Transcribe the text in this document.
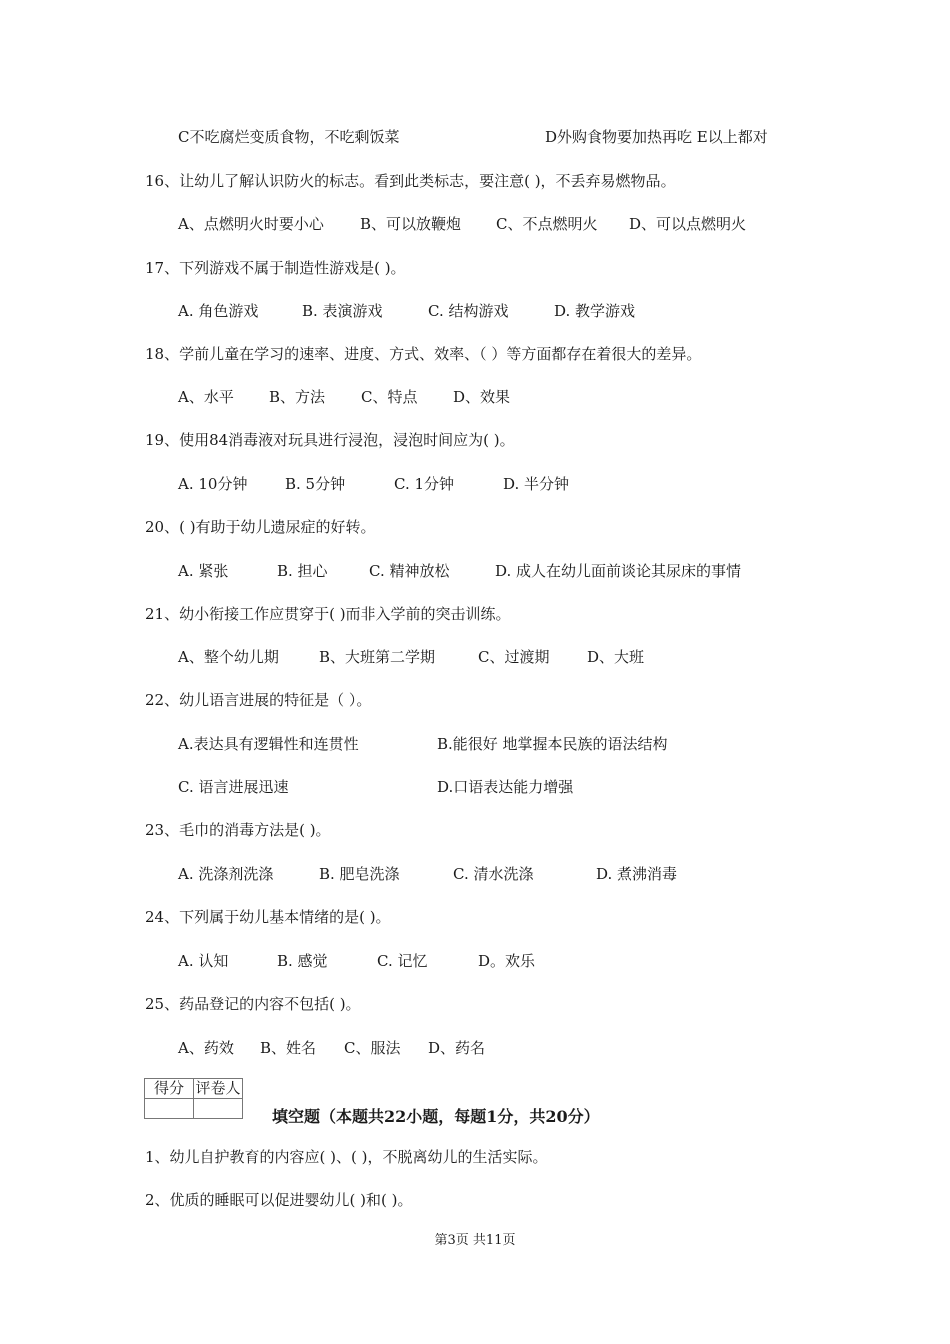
C不吃腐烂变质食物，不吃剩饭菜	D外购食物要加热再吃 E以上都对
16、让幼儿了解认识防火的标志。看到此类标志，要注意( )，不丢弃易燃物品。
A、点燃明火时要小心 B、可以放鞭炮 C、不点燃明火 D、可以点燃明火
17、下列游戏不属于制造性游戏是( )。
A. 角色游戏	B. 表演游戏	C. 结构游戏	D. 教学游戏
18、学前儿童在学习的速率、进度、方式、效率、（ ）等方面都存在着很大的差异。
A、水平 B、方法 C、特点 D、效果
19、使用84消毒液对玩具进行浸泡，浸泡时间应为( )。
A. 10分钟	B. 5分钟	C. 1分钟	D. 半分钟
20、( )有助于幼儿遗尿症的好转。
A. 紧张	B. 担心	C. 精神放松	D. 成人在幼儿面前谈论其尿床的事情
21、幼小衔接工作应贯穿于( )而非入学前的突击训练。
A、整个幼儿期	B、大班第二学期	C、过渡期	D、大班
22、幼儿语言进展的特征是（ ）。
A.表达具有逻辑性和连贯性	B.能很好 地掌握本民族的语法结构
C. 语言进展迅速	D.口语表达能力增强
23、毛巾的消毒方法是( )。
A. 洗涤剂洗涤	B. 肥皂洗涤	C. 清水洗涤	D. 煮沸消毒
24、下列属于幼儿基本情绪的是( )。
A. 认知	B. 感觉	C. 记忆	D。欢乐
25、药品登记的内容不包括( )。
A、药效 B、姓名 C、服法 D、药名
得分	评卷人

填空题（本题共22小题，每题1分，共20分）
1、幼儿自护教育的内容应( )、( )，不脱离幼儿的生活实际。
2、优质的睡眠可以促进婴幼儿( )和( )。
第3页 共11页
